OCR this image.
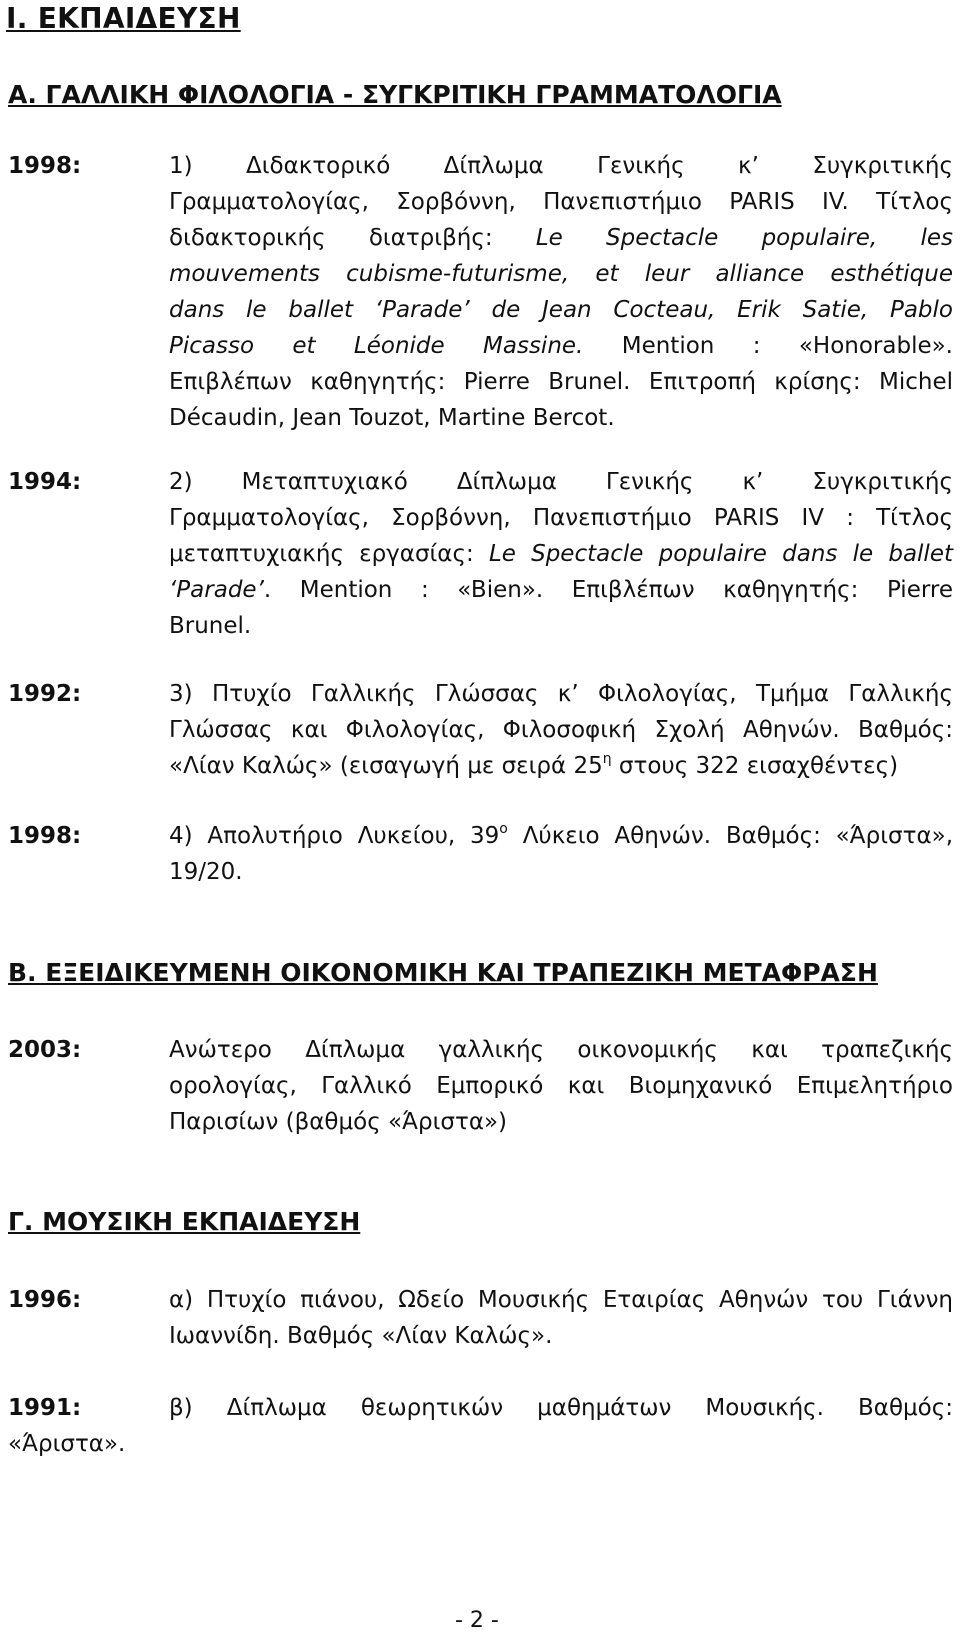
Ι. ΕΚΠΑΙΔΕΥΣΗ
Α. ΓΑΛΛΙΚΗ ΦΙΛΟΛΟΓΙΑ - ΣΥΓΚΡΙΤΙΚΗ ΓΡΑΜΜΑΤΟΛΟΓΙΑ
1998:	1) Διδακτορικό Δίπλωμα Γενικής κ’ Συγκριτικής
Γραμματολογίας, Σορβόννη, Πανεπιστήμιο PARIS IV. Τίτλος
διδακτορικής διατριβής: Le Spectacle populaire, les
mouvements cubisme-futurisme, et leur alliance esthétique
dans le ballet ‘Parade’ de Jean Cocteau, Erik Satie, Pablo
Picasso et Léonide Massine. Mention : «Honorable».
Επιβλέπων καθηγητής: Pierre Brunel. Επιτροπή κρίσης: Michel
Décaudin, Jean Touzot, Martine Bercot.
1994:	2) Μεταπτυχιακό Δίπλωμα Γενικής κ’ Συγκριτικής
Γραμματολογίας, Σορβόννη, Πανεπιστήμιο PARIS IV : Τίτλος
μεταπτυχιακής εργασίας: Le Spectacle populaire dans le ballet
‘Parade’. Mention : «Bien». Επιβλέπων καθηγητής: Pierre
Brunel.
1992:	3) Πτυχίο Γαλλικής Γλώσσας κ’ Φιλολογίας, Τμήμα Γαλλικής
Γλώσσας και Φιλολογίας, Φιλοσοφική Σχολή Αθηνών. Βαθμός:
«Λίαν Καλώς» (εισαγωγή με σειρά $25^\eta$ στους 322 εισαχθέντες)
1998:	4) Απολυτήριο Λυκείου, $39^o$ Λύκειο Αθηνών. Βαθμός: «Άριστα»,
19/20.
Β. ΕΞΕΙΔΙΚΕΥΜΕΝΗ ΟΙΚΟΝΟΜΙΚΗ ΚΑΙ ΤΡΑΠΕΖΙΚΗ ΜΕΤΑΦΡΑΣΗ
2003:	Ανώτερο Δίπλωμα γαλλικής οικονομικής και τραπεζικής
ορολογίας, Γαλλικό Εμπορικό και Βιομηχανικό Επιμελητήριο
Παρισίων (βαθμός «Άριστα»)
Γ. ΜΟΥΣΙΚΗ ΕΚΠΑΙΔΕΥΣΗ
1996:	α) Πτυχίο πιάνου, Ωδείο Μουσικής Εταιρίας Αθηνών του Γιάννη
Ιωαννίδη. Βαθμός «Λίαν Καλώς».
1991:	β) Δίπλωμα θεωρητικών μαθημάτων Μουσικής. Βαθμός:
«Άριστα».
- 2 -
